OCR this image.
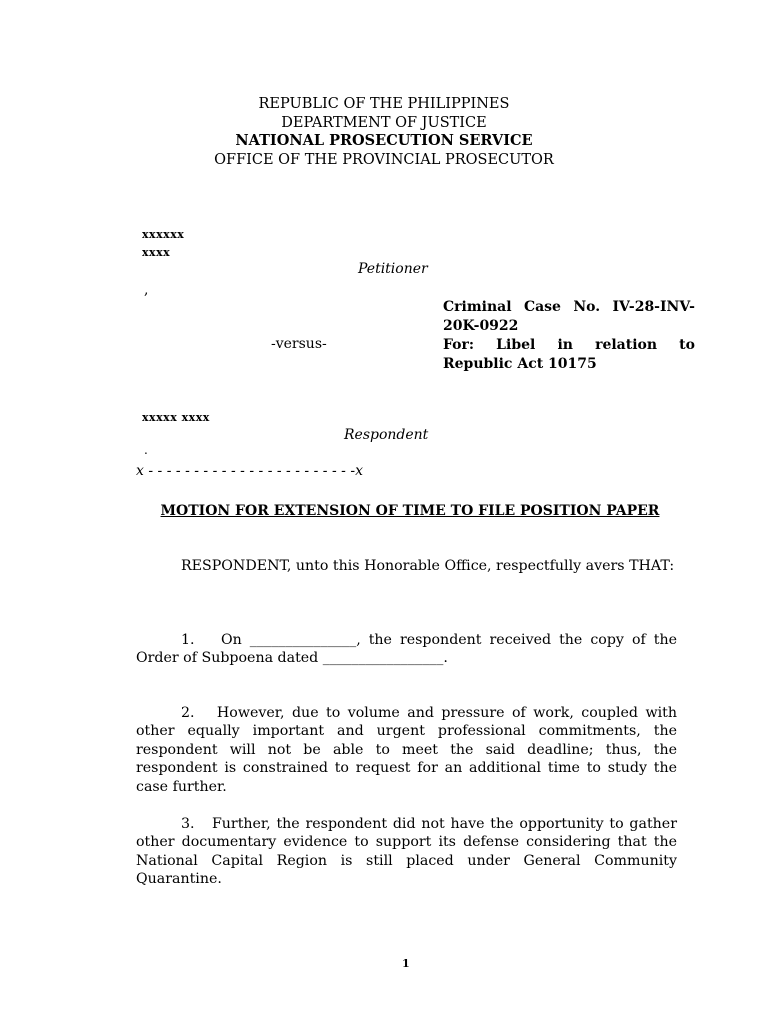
REPUBLIC OF THE PHILIPPINES
DEPARTMENT OF JUSTICE
NATIONAL PROSECUTION SERVICE
OFFICE OF THE PROVINCIAL PROSECUTOR
xxxxxx
xxxx
Petitioner
,
Criminal Case No. IV-28-INV-
20K-0922
For: Libel in relation to
Republic Act 10175
-versus-
xxxxx xxxx
Respondent
.
x - - - - - - - - - - - - - - - - - - - - - - -x
MOTION FOR EXTENSION OF TIME TO FILE POSITION PAPER
RESPONDENT, unto this Honorable Office, respectfully avers THAT:
1. On _______________, the respondent received the copy of the Order of Subpoena dated _________________.
2. However, due to volume and pressure of work, coupled with other equally important and urgent professional commitments, the respondent will not be able to meet the said deadline; thus, the respondent is constrained to request for an additional time to study the case further.
3. Further, the respondent did not have the opportunity to gather other documentary evidence to support its defense considering that the National Capital Region is still placed under General Community Quarantine.
1
